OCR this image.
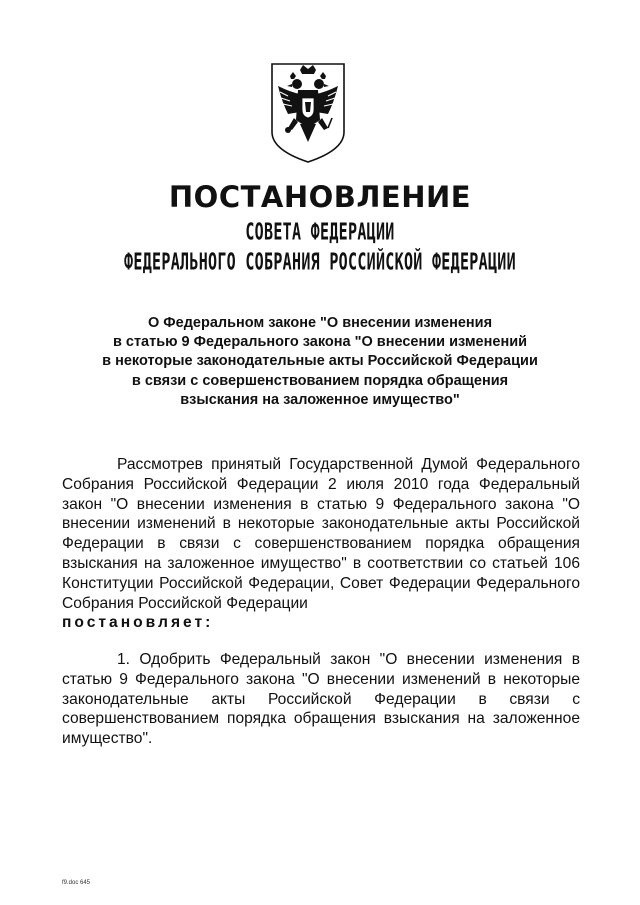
ПОСТАНОВЛЕНИЕ
СОВЕТА ФЕДЕРАЦИИ
ФЕДЕРАЛЬНОГО СОБРАНИЯ РОССИЙСКОЙ ФЕДЕРАЦИИ
О Федеральном законе "О внесении изменения
в статью 9 Федерального закона "О внесении изменений
в некоторые законодательные акты Российской Федерации
в связи с совершенствованием порядка обращения
взыскания на заложенное имущество"
Рассмотрев принятый Государственной Думой Федерального Собрания Российской Федерации 2 июля 2010 года Федеральный закон "О внесении изменения в статью 9 Федерального закона "О внесении изменений в некоторые законодательные акты Российской Федерации в связи с совершенствованием порядка обращения взыскания на заложенное имущество" в соответствии со статьей 106 Конституции Российской Федерации, Совет Федерации Федерального Собрания Российской Федерации
постановляет:
1. Одобрить Федеральный закон "О внесении изменения в статью 9 Федерального закона "О внесении изменений в некоторые законодательные акты Российской Федерации в связи с совершенствованием порядка обращения взыскания на заложенное имущество".
f9.doc 645
